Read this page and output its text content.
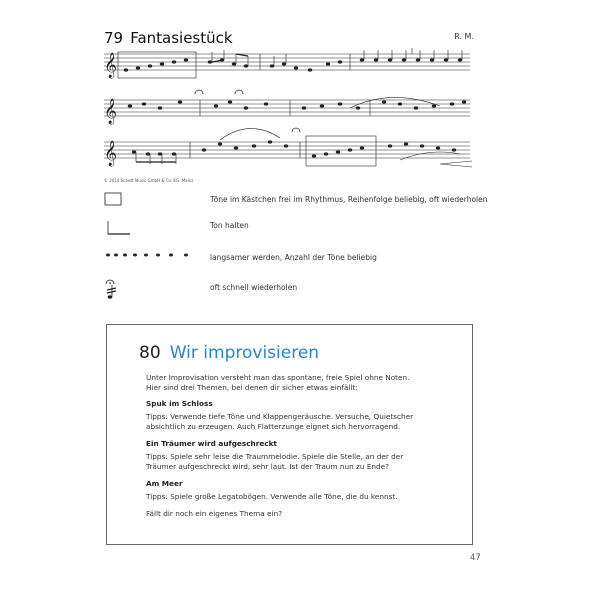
79 Fantasiestück	R. M.
𝄞
𝄞
𝄞
© 2014 Schott Music GmbH & Co. KG, Mainz
Töne im Kästchen frei im Rhythmus, Reihenfolge beliebig, oft wiederholen
Ton halten
langsamer werden, Anzahl der Töne beliebig
oft schnell wiederholen
80 Wir improvisieren

Unter Improvisation versteht man das spontane, freie Spiel ohne Noten.

Hier sind drei Themen, bei denen dir sicher etwas einfällt:

Spuk im Schloss

Tipps: Verwende tiefe Töne und Klappengeräusche. Versuche, Quietscher

absichtlich zu erzeugen. Auch Flatterzunge eignet sich hervorragend.

Ein Träumer wird aufgeschreckt

Tipps: Spiele sehr leise die Traummelodie. Spiele die Stelle, an der der

Träumer aufgeschreckt wird, sehr laut. Ist der Traum nun zu Ende?

Am Meer

Tipps: Spiele große Legatobögen. Verwende alle Töne, die du kennst.

Fällt dir noch ein eigenes Thema ein?

47
